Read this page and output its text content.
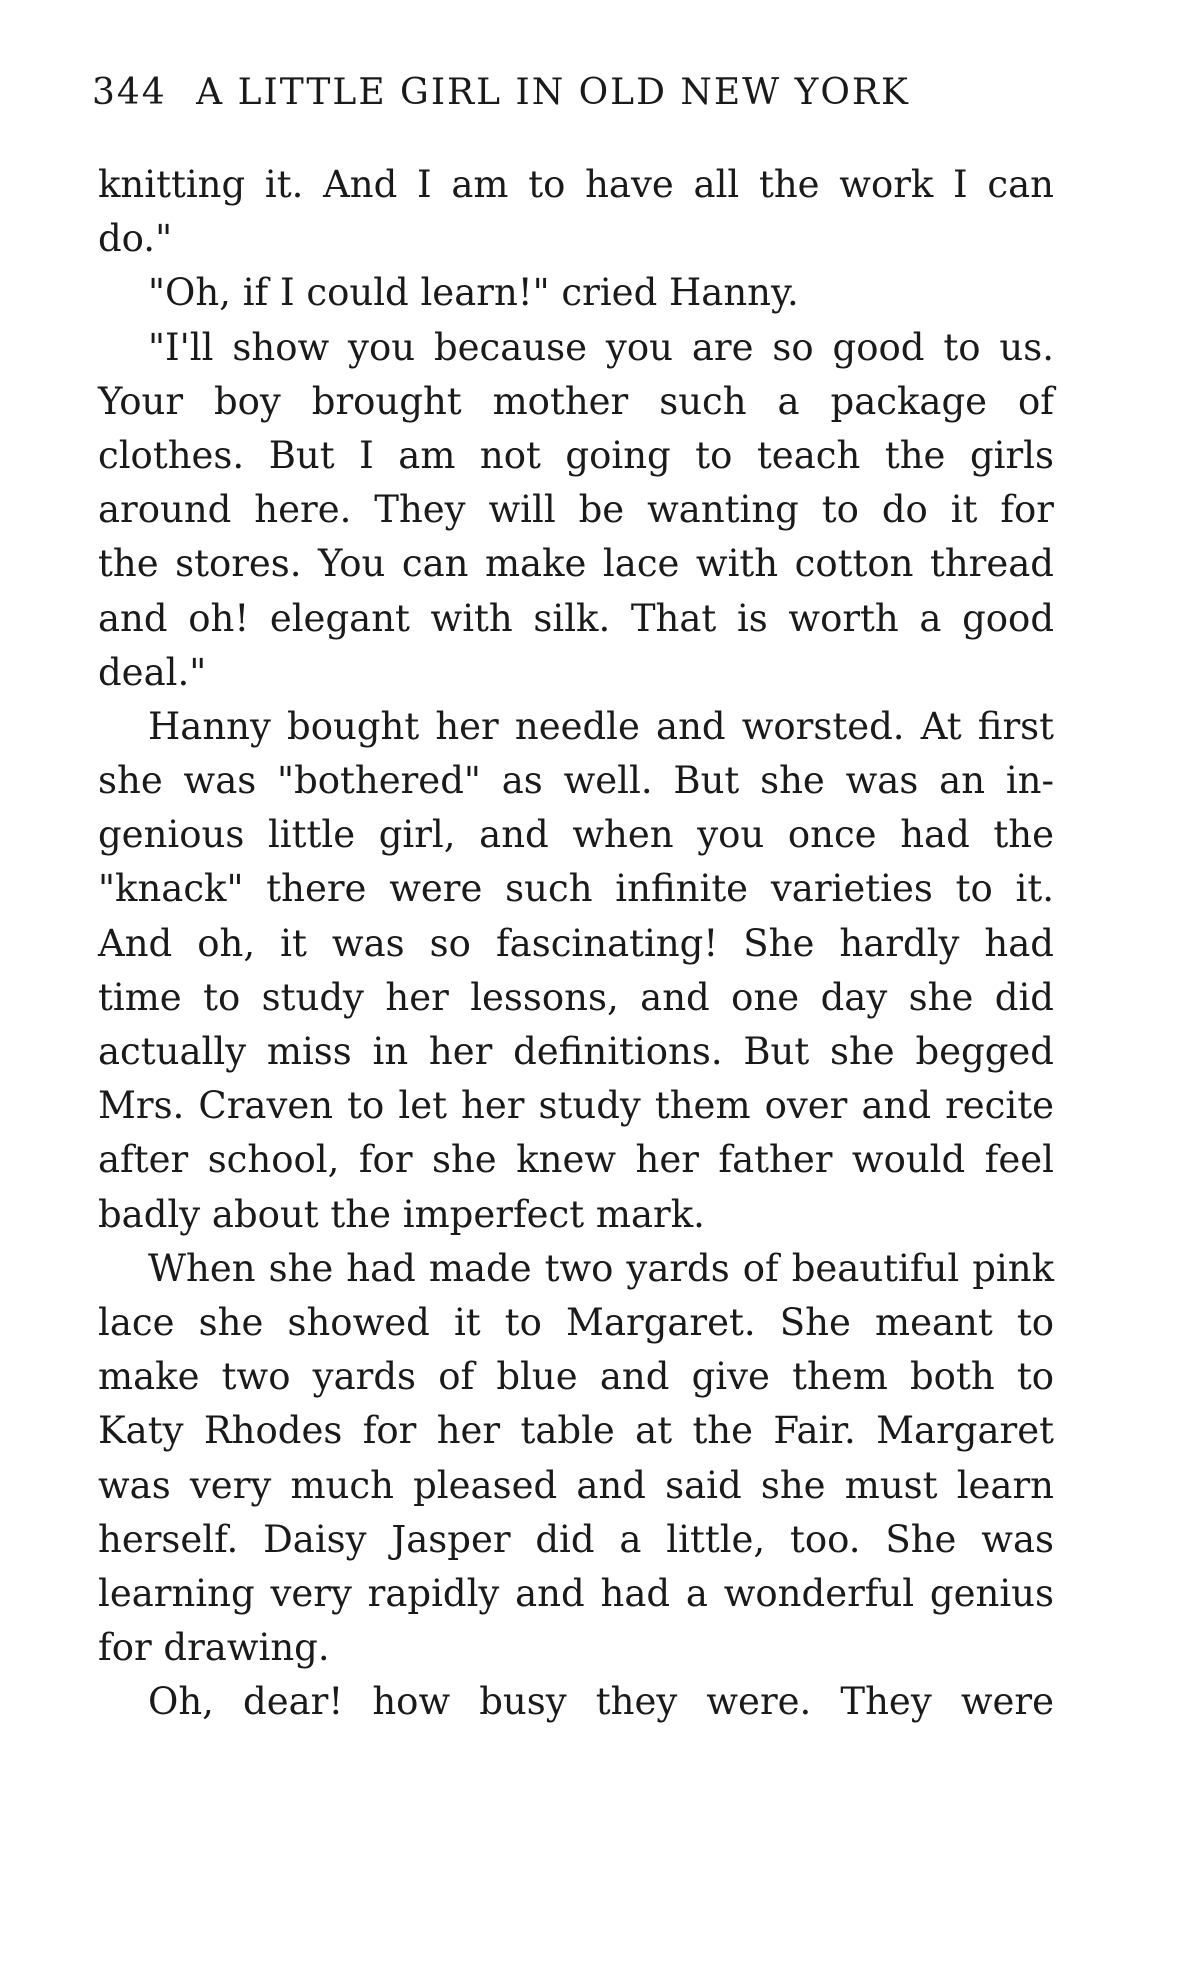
344 A LITTLE GIRL IN OLD NEW YORK
knitting it. And I am to have all the work I can
do."
"Oh, if I could learn!" cried Hanny.
"I'll show you because you are so good to us.
Your boy brought mother such a package of
clothes. But I am not going to teach the girls
around here. They will be wanting to do it for
the stores. You can make lace with cotton thread
and oh! elegant with silk. That is worth a good
deal."
Hanny bought her needle and worsted. At first
she was "bothered" as well. But she was an in-
genious little girl, and when you once had the
"knack" there were such infinite varieties to it.
And oh, it was so fascinating! She hardly had
time to study her lessons, and one day she did
actually miss in her definitions. But she begged
Mrs. Craven to let her study them over and recite
after school, for she knew her father would feel
badly about the imperfect mark.
When she had made two yards of beautiful pink
lace she showed it to Margaret. She meant to
make two yards of blue and give them both to
Katy Rhodes for her table at the Fair. Margaret
was very much pleased and said she must learn
herself. Daisy Jasper did a little, too. She was
learning very rapidly and had a wonderful genius
for drawing.
Oh, dear! how busy they were. They were
